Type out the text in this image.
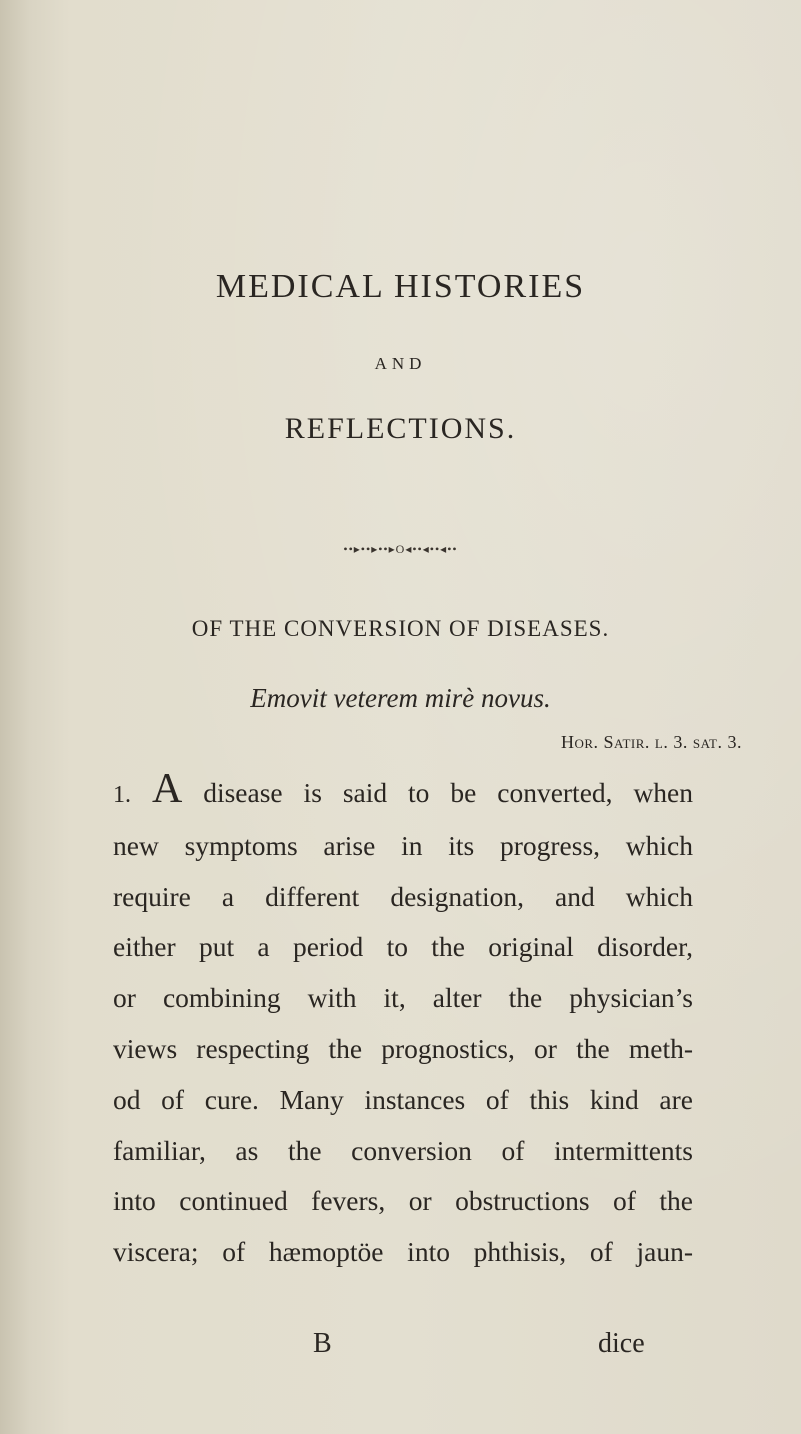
MEDICAL HISTORIES
AND
REFLECTIONS.
••▸••▸••▸O◂••◂••◂••
OF THE CONVERSION OF DISEASES.
Emovit veterem mirè novus.
Hor. Satir. l. 3. sat. 3.
1. A disease is said to be converted, when
new symptoms arise in its progress, which
require a different designation, and which
either put a period to the original disorder,
or combining with it, alter the physician’s
views respecting the prognostics, or the meth-
od of cure. Many instances of this kind are
familiar, as the conversion of intermittents
into continued fevers, or obstructions of the
viscera; of hæmoptöe into phthisis, of jaun-
B	dice
